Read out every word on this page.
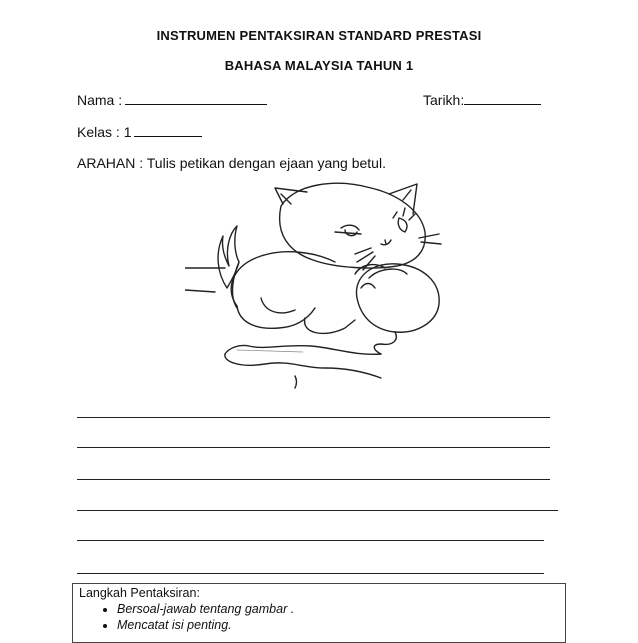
INSTRUMEN PENTAKSIRAN STANDARD PRESTASI
BAHASA MALAYSIA TAHUN 1
Nama :	Tarikh:
Kelas : 1
ARAHAN : Tulis petikan dengan ejaan yang betul.
Langkah Pentaksiran:
• Bersoal-jawab tentang gambar .
• Mencatat isi penting.
